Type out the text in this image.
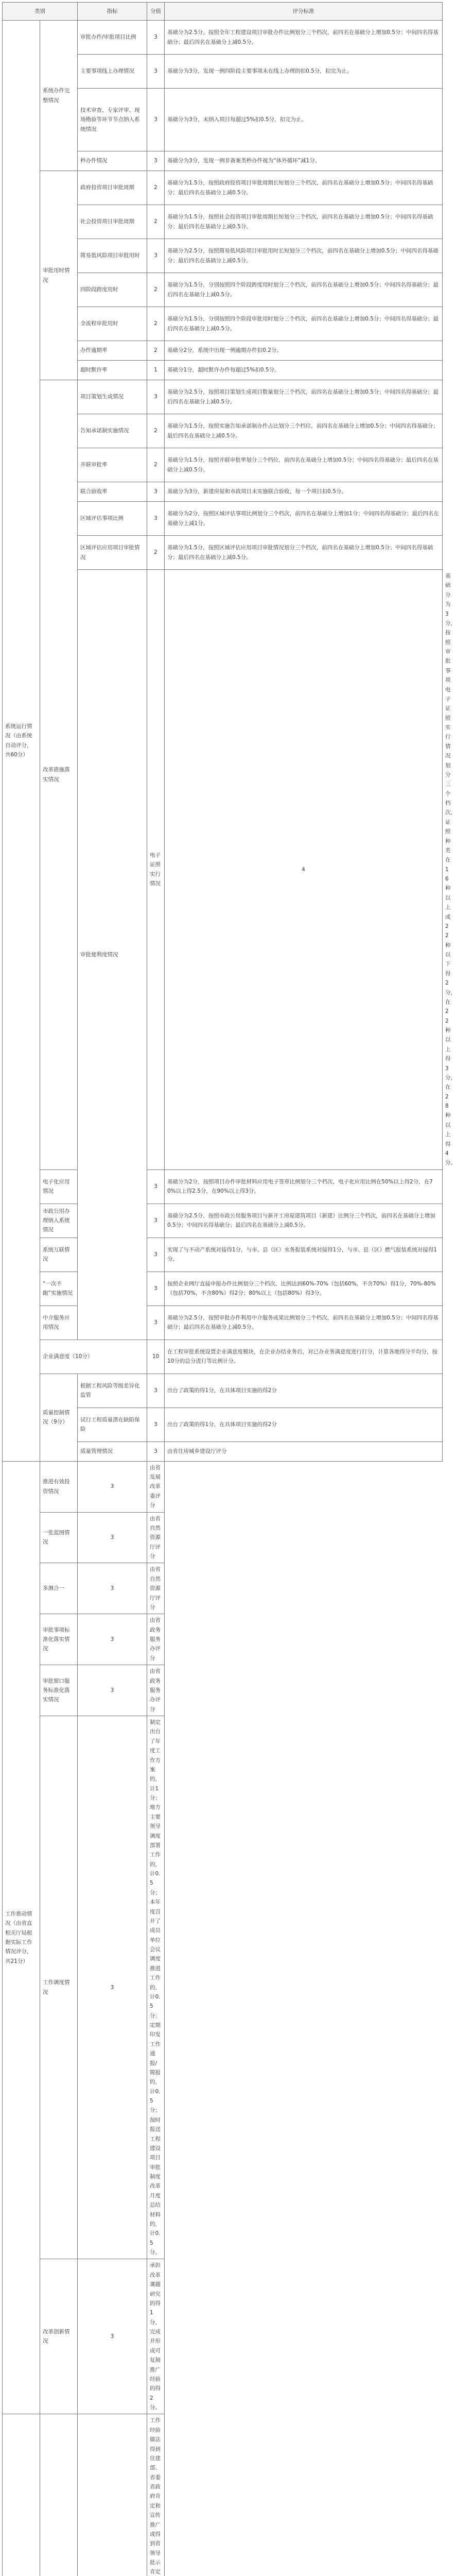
类别		指标	分值	评分标准	
系统运行情况（由系统自动评分，共60分）	系统办件完整情况	审批办件/审批项目比例	3	基础分为2.5分。按照全年工程建设项目审批办件比例划分三个档次，前四名在基础分上增加0.5分；中间四名得基础分；最后四名在基础分上减0.5分。	
		主要事项线上办理情况	3	基础分为3分，发现一例四阶段主要事项未在线上办理的扣0.5分，扣完为止。	
		技术审查、专家评审、现场勘验等环节节点纳入系统情况	3	基础分为3分，未纳入项目每超过5%扣0.5分，扣完为止。	
		秒办件情况	3	基础分为3分，发现一例非备案类秒办件视为“体外循环”减1分。	
	审批用时情况	政府投资项目审批周期	2	基础分为1.5分，按照政府投资项目审批周期长短划分三个档次，前四名在基础分上增加0.5分；中间四名得基础分；最后四名在基础分上减0.5分。	
		社会投资项目审批周期	2	基础分为1.5分，按照社会投资项目审批周期长短划分三个档次，前四名在基础分上增加0.5分；中间四名得基础分；最后四名在基础分上减0.5分。	
		简易低风险项目审批用时	3	基础分为2.5分，按照简易低风险项目审批用时长短划分三个档次，前四名在基础分上增加0.5分；中间四名得基础分；最后四名在基础分上减0.5分。	
		四阶段跨度用时	2	基础分为1.5分，分别按照四个阶段跨度用时划分三个档次，前四名在基础分上增加0.5分；中间四名得基础分；最后四名在基础分上减0.5分。	
		全流程审批用时	2	基础分为1.5分，分别按照四个阶段审批用时划分三个档次，前四名在基础分上增加0.5分；中间四名得基础分；最后四名在基础分上减0.5分。	
		办件逾期率	2	基础分2分，系统中出现一例逾期办件扣0.2分。	
		超时默许率	1	基础分1分，超时默许办件每超过5%扣0.5分。	
	改革措施落实情况	项目策划生成情况	3	基础分为2.5分，按照项目策划生成项目数量划分三个档次，前四名在基础分上增加0.5分；中间四名得基础分；最后四名在基础分上减0.5分。	
		告知承诺制实施情况	2	基础分为1.5分，按照实施告知承诺制办件占比划分三个档位，前四名在基础分上增加0.5分；中间四名得基础分；最后四名在基础分上减0.5分。	
		并联审批率	2	基础分为1.5分，按照并联审批率划分三个档位，前四名在基础分上增加0.5分；中间四名得基础分；最后四名在基础分上减0.5分。	
		联合验收率	3	基础分为3分，新建房屋和市政项目未实施联合验收，每一个项目扣0.5分。	
		区域评估事项比例	3	基础分为2分，按照区域评估事项比例划分三个档次，前四名在基础分上增加1分；中间四名得基础分；最后四名在基础分上减1分。	
		区域评估应用项目审批情况	2	基础分为1.5分，按照区域评估应用项目审批情况划分三个档次，前四名在基础分上增加0.5分；中间四名得基础分；最后四名在基础分上减0.5分。	
		审批便利度情况	电子证照实行情况	4	基础分为3分，按照审批事项电子证照实行情况划分三个档次，证照种类在16种以上或22种以下得2分，在22种以上得3分，在28种以上得4分。
	电子化应用情况		3	基础分为2分，按照项目办件审批材料应用电子签章比例划分三个档次，电子化应用比例在50%以上得2分，在70%以上得2.5分，在90%以上得3分。	
	市政公用办理纳入系统情况		3	基础分为2.5分，按照市政公用服务项目与新开工房屋建筑项目（新建）比例分三个档次，前四名在基础分上增加0.5分；中间四名得基础分；最后四名在基础分上减0.5分。	
	系统互联情况		3	实现了与不动产系统对接得1分，与市、县（区）水务报装系统对接得1分，与市、县（区）燃气报装系统对接得1分。	
	“一次不跑”实施情况		3	按照企业网厅直接申报办件比例划分三个档次，比例达到60%-70%（包括60%，不含70%）得1分，70%-80%（包括70%，不含80%）得2分；80%以上（包括80%）得3分。	
	中介服务应用情况		3	基础分为2.5分，按照审批办件利用中介服务成果比例划分三个档次，前四名在基础分上增加0.5分；中间四名得基础分；最后四名在基础分上减0.5分。	
	企业满意度（10分）		10	在工程审批系统设置企业满意度模块，在企业办结业务后，对已办业务满意度进行打分，计算各地得分平均分，按10分的总分进行等比例计分。	
	质量控制情况（9分）	根据工程风险等级差异化监管	3	出台了政策的得1分，在具体项目实施的得2分	
		试行工程质量潜在缺陷保险	3	出台了政策的得1分，在具体项目实施的得2分	
		质量管理情况	3	由省住房城乡建设厅评分	
工作推动情况（由省直相关厅局根据实际工作情况评分，共21分）	推进有效投资情况	3	由省发展改革委评分		
	一张蓝图情况	3	由省自然资源厅评分		
	多测合一	3	由省自然资源厅评分		
	审批事项标准化落实情况	3	由省政务服务办评分		
	审批窗口服务标准化落实情况	3	由省政务服务办评分		
	工作调度情况	3	制定出台了年度工作方案的，计1分；地方主要领导调度部署工作的，计0.5分；本年度召开了成员单位会议调度推进工作的，计0.5分；定期印发工作通报/简报的，计0.5分；按时报送工程建设项目审批制度改革月度总结材料的，计0.5分。		
	改革创新情况	3	承担改革课题研究的得1分，完成并形成可复制推广经验的得2分。		
			工作经验做法得到住建部、省委省政府肯定和宣传推广或得到省领导批示肯定		
